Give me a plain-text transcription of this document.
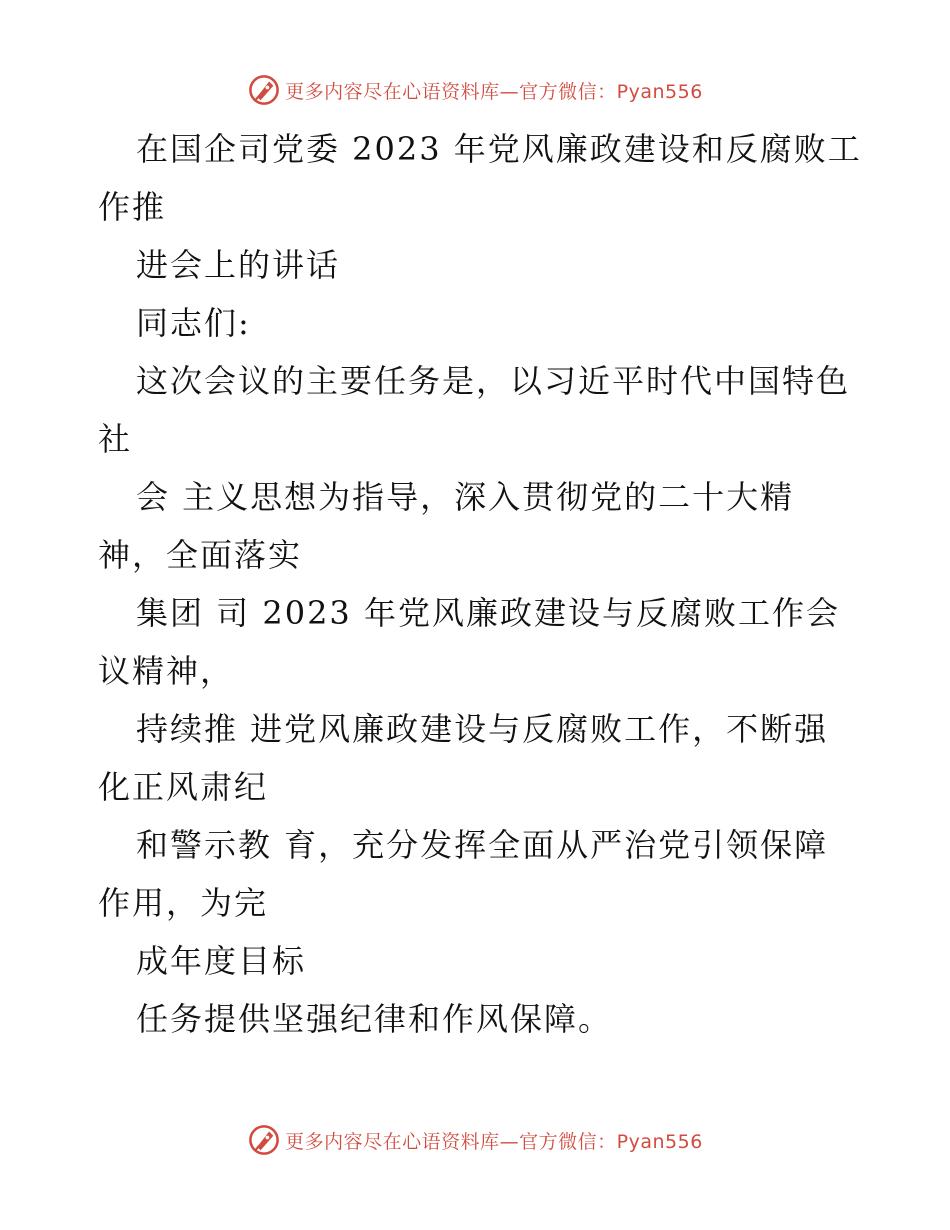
更多内容尽在心语资料库—官方微信：Pyan556
在国企司党委 2023 年党风廉政建设和反腐败工
作推
进会上的讲话
同志们:
这次会议的主要任务是，以习近平时代中国特色
社
会 主义思想为指导，深入贯彻党的二十大精
神，全面落实
集团 司 2023 年党风廉政建设与反腐败工作会
议精神，
持续推 进党风廉政建设与反腐败工作，不断强
化正风肃纪
和警示教 育，充分发挥全面从严治党引领保障
作用，为完
成年度目标
任务提供坚强纪律和作风保障。
更多内容尽在心语资料库—官方微信：Pyan556
